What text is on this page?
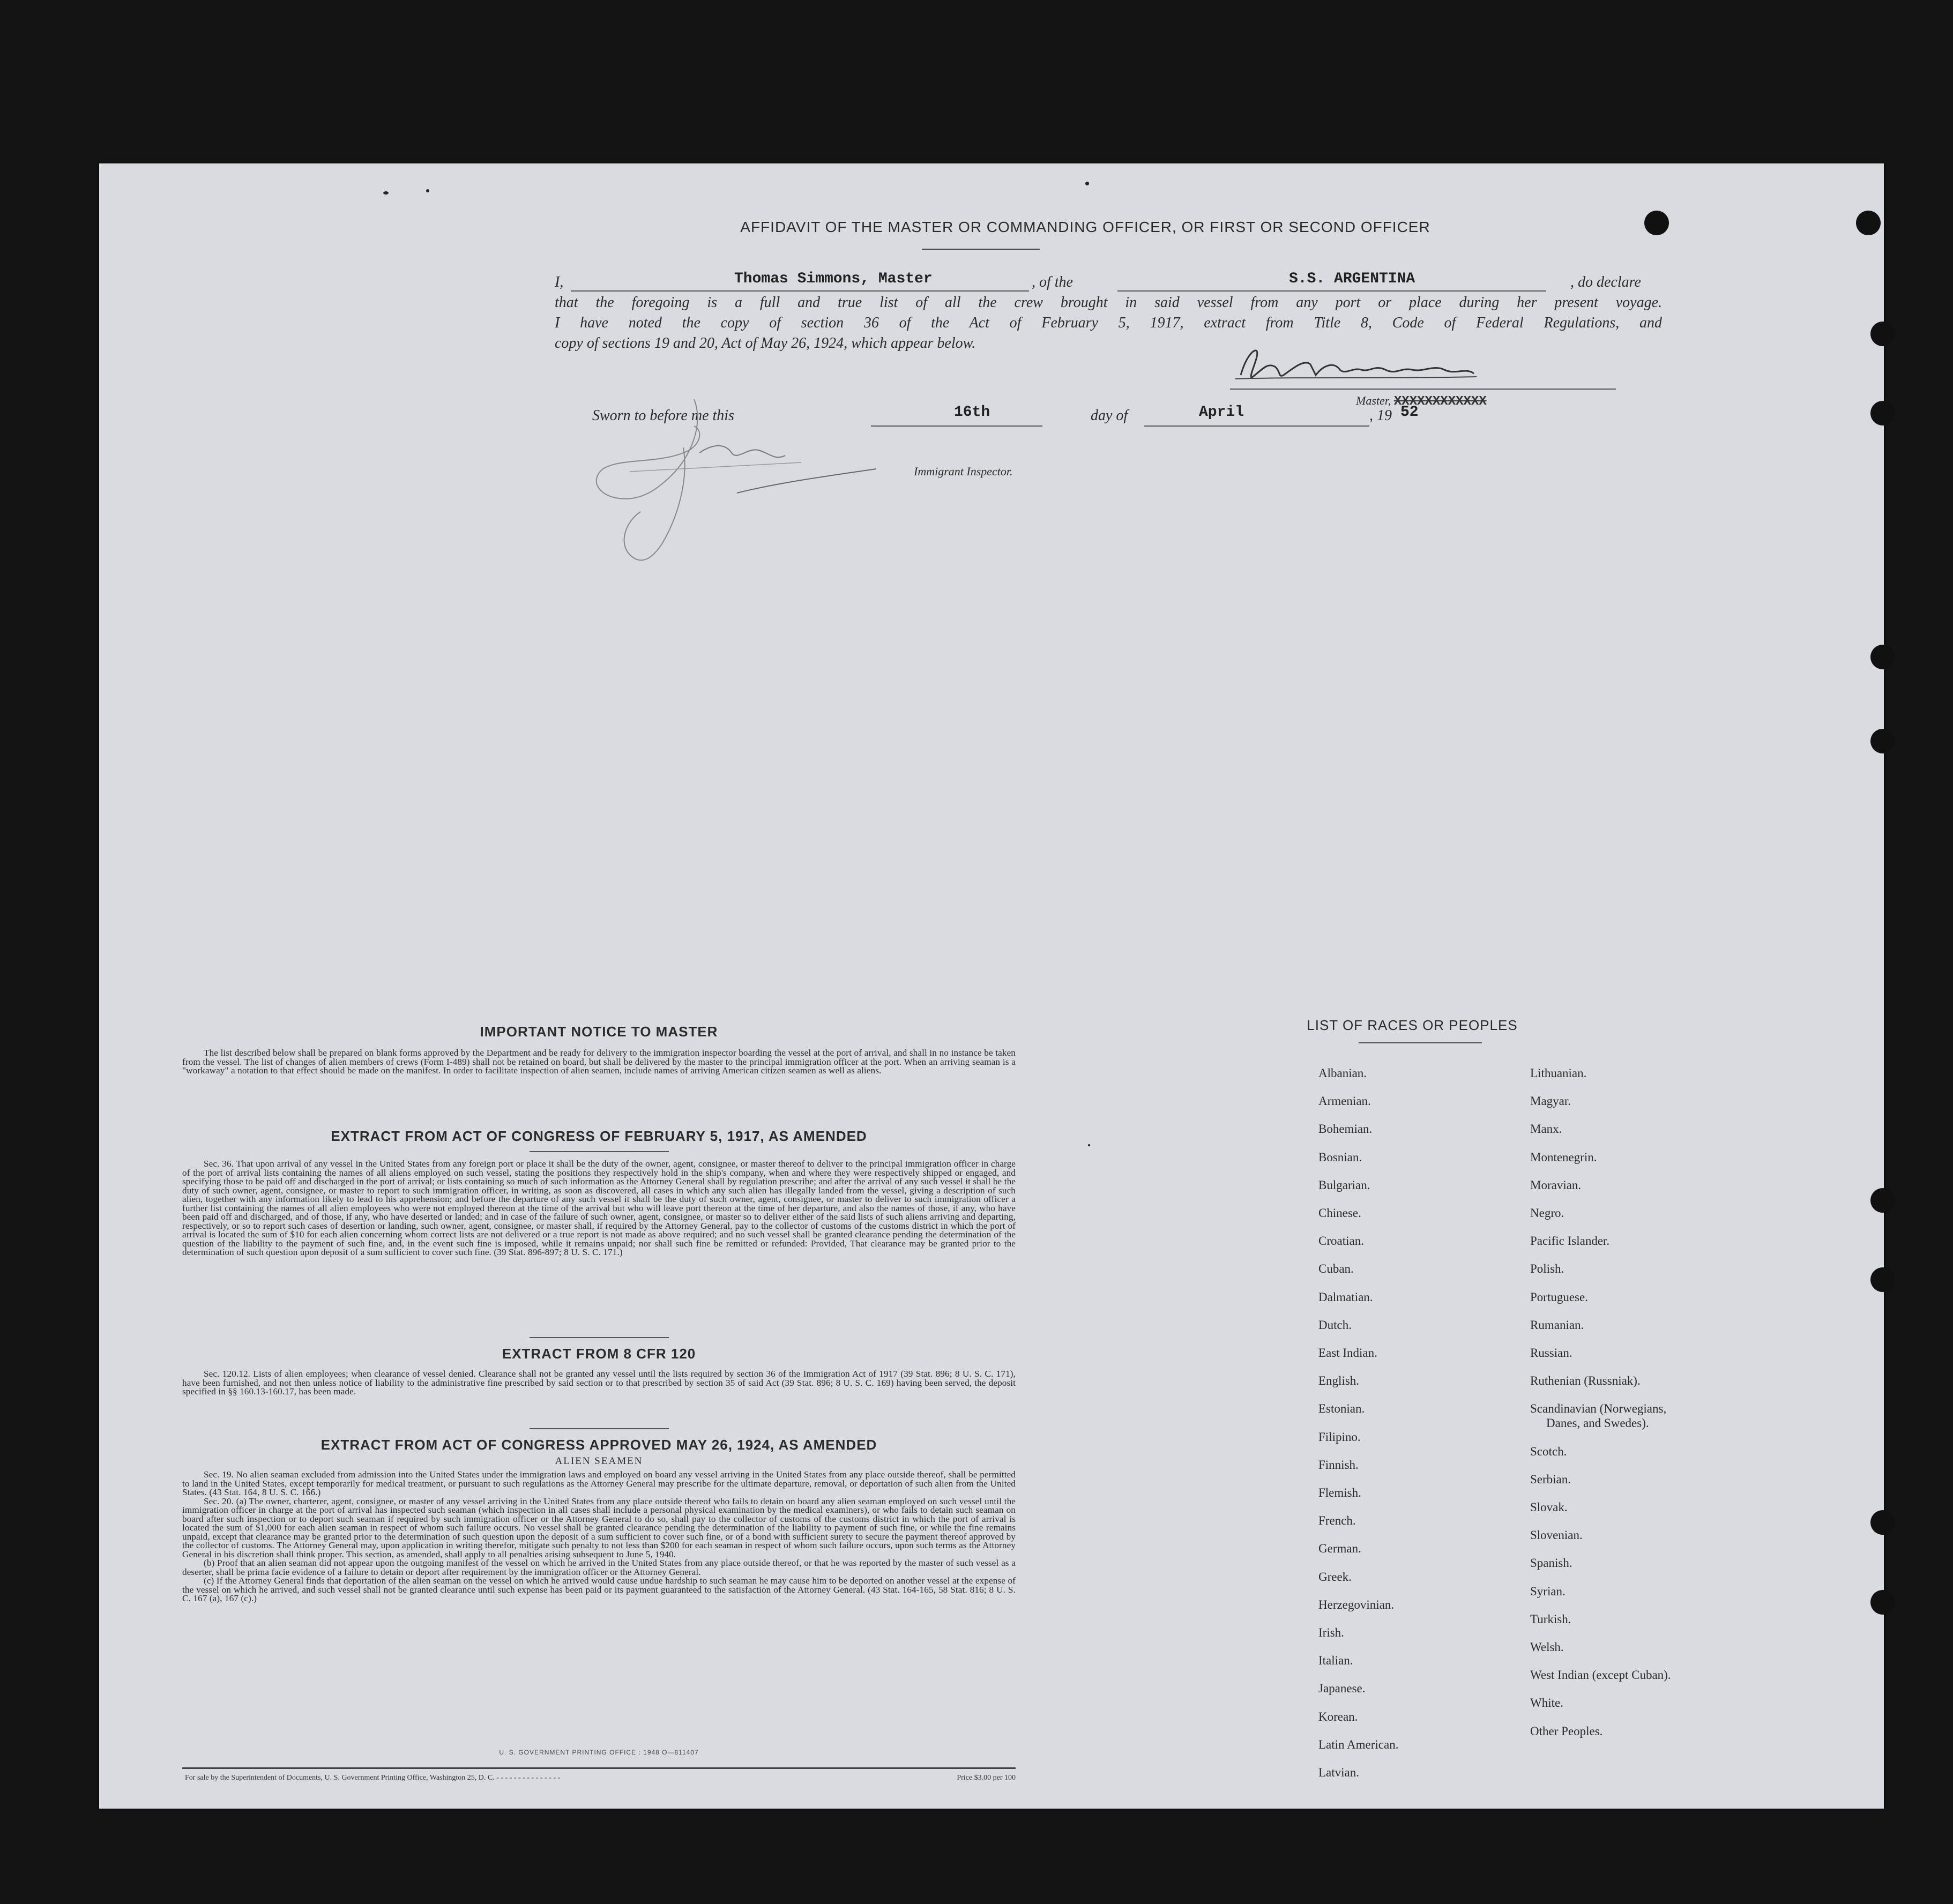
AFFIDAVIT OF THE MASTER OR COMMANDING OFFICER, OR FIRST OR SECOND OFFICER
I,	Thomas Simmons, Master	, of the	S.S. ARGENTINA	, do declare
that the foregoing is a full and true list of all the crew brought in said vessel from any port or place during her present voyage.
I have noted the copy of section 36 of the Act of February 5, 1917, extract from Title 8, Code of Federal Regulations, and
copy of sections 19 and 20, Act of May 26, 1924, which appear below.
Master, XXXXXXXXXXXX
Sworn to before me this	16th	day of	April	, 19 52
Immigrant Inspector.
IMPORTANT NOTICE TO MASTER

The list described below shall be prepared on blank forms approved by the Department and be ready for delivery to the immigration inspector boarding the vessel at the port of arrival, and shall in no instance be taken from the vessel. The list of changes of alien members of crews (Form I-489) shall not be retained on board, but shall be delivered by the master to the principal immigration officer at the port. When an arriving seaman is a "workaway" a notation to that effect should be made on the manifest. In order to facilitate inspection of alien seamen, include names of arriving American citizen seamen as well as aliens.

EXTRACT FROM ACT OF CONGRESS OF FEBRUARY 5, 1917, AS AMENDED

Sec. 36. That upon arrival of any vessel in the United States from any foreign port or place it shall be the duty of the owner, agent, consignee, or master thereof to deliver to the principal immigration officer in charge of the port of arrival lists containing the names of all aliens employed on such vessel, stating the positions they respectively hold in the ship's company, when and where they were respectively shipped or engaged, and specifying those to be paid off and discharged in the port of arrival; or lists containing so much of such information as the Attorney General shall by regulation prescribe; and after the arrival of any such vessel it shall be the duty of such owner, agent, consignee, or master to report to such immigration officer, in writing, as soon as discovered, all cases in which any such alien has illegally landed from the vessel, giving a description of such alien, together with any information likely to lead to his apprehension; and before the departure of any such vessel it shall be the duty of such owner, agent, consignee, or master to deliver to such immigration officer a further list containing the names of all alien employees who were not employed thereon at the time of the arrival but who will leave port thereon at the time of her departure, and also the names of those, if any, who have been paid off and discharged, and of those, if any, who have deserted or landed; and in case of the failure of such owner, agent, consignee, or master so to deliver either of the said lists of such aliens arriving and departing, respectively, or so to report such cases of desertion or landing, such owner, agent, consignee, or master shall, if required by the Attorney General, pay to the collector of customs of the customs district in which the port of arrival is located the sum of $10 for each alien concerning whom correct lists are not delivered or a true report is not made as above required; and no such vessel shall be granted clearance pending the determination of the question of the liability to the payment of such fine, and, in the event such fine is imposed, while it remains unpaid; nor shall such fine be remitted or refunded: Provided, That clearance may be granted prior to the determination of such question upon deposit of a sum sufficient to cover such fine. (39 Stat. 896-897; 8 U. S. C. 171.)

EXTRACT FROM 8 CFR 120

Sec. 120.12. Lists of alien employees; when clearance of vessel denied. Clearance shall not be granted any vessel until the lists required by section 36 of the Immigration Act of 1917 (39 Stat. 896; 8 U. S. C. 171), have been furnished, and not then unless notice of liability to the administrative fine prescribed by said section or to that prescribed by section 35 of said Act (39 Stat. 896; 8 U. S. C. 169) having been served, the deposit specified in §§ 160.13-160.17, has been made.

EXTRACT FROM ACT OF CONGRESS APPROVED MAY 26, 1924, AS AMENDED
ALIEN SEAMEN

Sec. 19. No alien seaman excluded from admission into the United States under the immigration laws and employed on board any vessel arriving in the United States from any place outside thereof, shall be permitted to land in the United States, except temporarily for medical treatment, or pursuant to such regulations as the Attorney General may prescribe for the ultimate departure, removal, or deportation of such alien from the United States. (43 Stat. 164, 8 U. S. C. 166.)

Sec. 20. (a) The owner, charterer, agent, consignee, or master of any vessel arriving in the United States from any place outside thereof who fails to detain on board any alien seaman employed on such vessel until the immigration officer in charge at the port of arrival has inspected such seaman (which inspection in all cases shall include a personal physical examination by the medical examiners), or who fails to detain such seaman on board after such inspection or to deport such seaman if required by such immigration officer or the Attorney General to do so, shall pay to the collector of customs of the customs district in which the port of arrival is located the sum of $1,000 for each alien seaman in respect of whom such failure occurs. No vessel shall be granted clearance pending the determination of the liability to payment of such fine, or while the fine remains unpaid, except that clearance may be granted prior to the determination of such question upon the deposit of a sum sufficient to cover such fine, or of a bond with sufficient surety to secure the payment thereof approved by the collector of customs. The Attorney General may, upon application in writing therefor, mitigate such penalty to not less than $200 for each seaman in respect of whom such failure occurs, upon such terms as the Attorney General in his discretion shall think proper. This section, as amended, shall apply to all penalties arising subsequent to June 5, 1940.

(b) Proof that an alien seaman did not appear upon the outgoing manifest of the vessel on which he arrived in the United States from any place outside thereof, or that he was reported by the master of such vessel as a deserter, shall be prima facie evidence of a failure to detain or deport after requirement by the immigration officer or the Attorney General.

(c) If the Attorney General finds that deportation of the alien seaman on the vessel on which he arrived would cause undue hardship to such seaman he may cause him to be deported on another vessel at the expense of the vessel on which he arrived, and such vessel shall not be granted clearance until such expense has been paid or its payment guaranteed to the satisfaction of the Attorney General. (43 Stat. 164-165, 58 Stat. 816; 8 U. S. C. 167 (a), 167 (c).)

U. S. GOVERNMENT PRINTING OFFICE : 1948 O—811407
For sale by the Superintendent of Documents, U. S. Government Printing Office, Washington 25, D. C. - - - - - - - - - - - - - - -	Price $3.00 per 100
LIST OF RACES OR PEOPLES
Albanian.
Armenian.
Bohemian.
Bosnian.
Bulgarian.
Chinese.
Croatian.
Cuban.
Dalmatian.
Dutch.
East Indian.
English.
Estonian.
Filipino.
Finnish.
Flemish.
French.
German.
Greek.
Herzegovinian.
Irish.
Italian.
Japanese.
Korean.
Latin American.
Latvian.
Lithuanian.
Magyar.
Manx.
Montenegrin.
Moravian.
Negro.
Pacific Islander.
Polish.
Portuguese.
Rumanian.
Russian.
Ruthenian (Russniak).
Scandinavian (Norwegians,
Danes, and Swedes).
Scotch.
Serbian.
Slovak.
Slovenian.
Spanish.
Syrian.
Turkish.
Welsh.
West Indian (except Cuban).
White.
Other Peoples.
